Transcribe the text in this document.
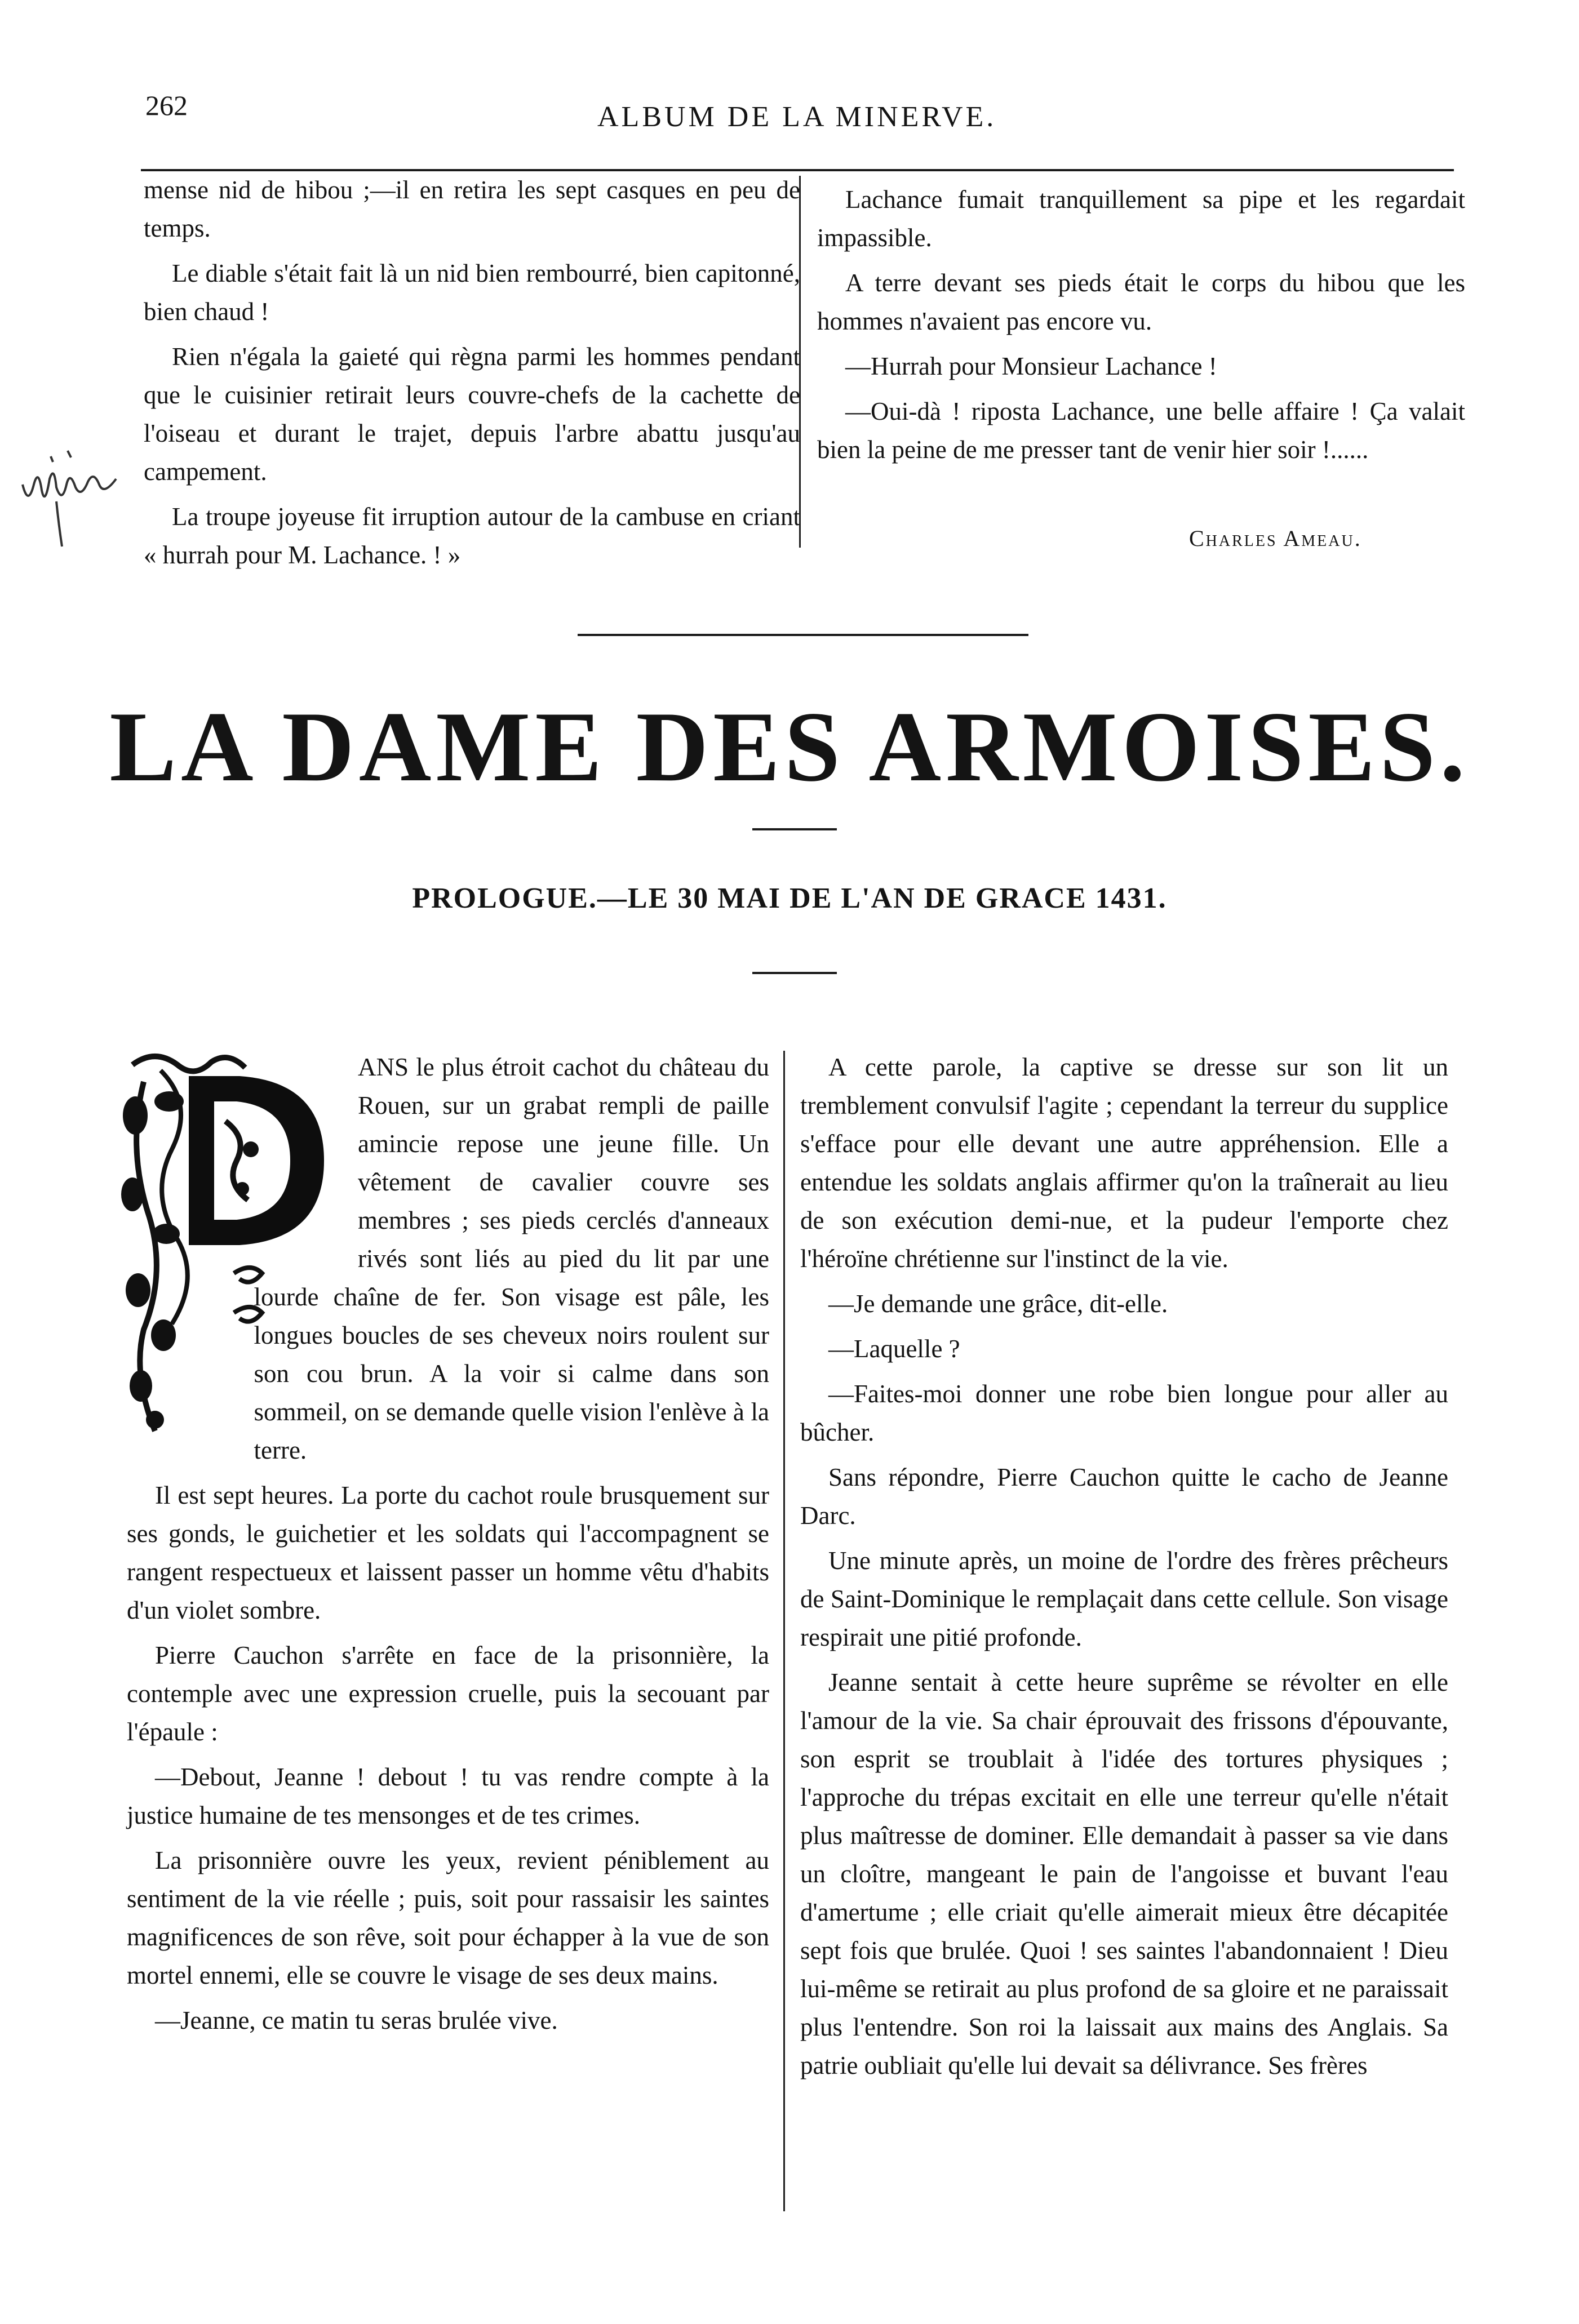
262	ALBUM DE LA MINERVE.

mense nid de hibou ;—il en retira les sept casques en peu de temps.

Le diable s'était fait là un nid bien rembourré, bien capitonné, bien chaud !

Rien n'égala la gaieté qui règna parmi les hommes pendant que le cuisinier retirait leurs couvre-chefs de la cachette de l'oiseau et durant le trajet, depuis l'arbre abattu jusqu'au campement.

La troupe joyeuse fit irruption autour de la cambuse en criant « hurrah pour M. Lachance. ! »

Lachance fumait tranquillement sa pipe et les regardait impassible.

A terre devant ses pieds était le corps du hibou que les hommes n'avaient pas encore vu.

—Hurrah pour Monsieur Lachance !

—Oui-dà ! riposta Lachance, une belle affaire ! Ça valait bien la peine de me presser tant de venir hier soir !......

Charles Ameau.

LA DAME DES ARMOISES.
PROLOGUE.—LE 30 MAI DE L'AN DE GRACE 1431.

ANS le plus étroit cachot du château du Rouen, sur un grabat rempli de paille amincie repose une jeune fille. Un vêtement de cavalier couvre ses membres ; ses pieds cerclés d'anneaux rivés sont liés au pied du lit par une lourde chaîne de fer. Son visage est pâle, les longues boucles de ses cheveux noirs roulent sur son cou brun. A la voir si calme dans son sommeil, on se demande quelle vision l'enlève à la terre.

Il est sept heures. La porte du cachot roule brusquement sur ses gonds, le guichetier et les soldats qui l'accompagnent se rangent respectueux et laissent passer un homme vêtu d'habits d'un violet sombre.

Pierre Cauchon s'arrête en face de la prisonnière, la contemple avec une expression cruelle, puis la secouant par l'épaule :

—Debout, Jeanne ! debout ! tu vas rendre compte à la justice humaine de tes mensonges et de tes crimes.

La prisonnière ouvre les yeux, revient péniblement au sentiment de la vie réelle ; puis, soit pour rassaisir les saintes magnificences de son rêve, soit pour échapper à la vue de son mortel ennemi, elle se couvre le visage de ses deux mains.

—Jeanne, ce matin tu seras brulée vive.

A cette parole, la captive se dresse sur son lit un tremblement convulsif l'agite ; cependant la terreur du supplice s'efface pour elle devant une autre appréhension. Elle a entendue les soldats anglais affirmer qu'on la traînerait au lieu de son exécution demi-nue, et la pudeur l'emporte chez l'héroïne chrétienne sur l'instinct de la vie.

—Je demande une grâce, dit-elle.

—Laquelle ?

—Faites-moi donner une robe bien longue pour aller au bûcher.

Sans répondre, Pierre Cauchon quitte le cacho de Jeanne Darc.

Une minute après, un moine de l'ordre des frères prêcheurs de Saint-Dominique le remplaçait dans cette cellule. Son visage respirait une pitié profonde.

Jeanne sentait à cette heure suprême se révolter en elle l'amour de la vie. Sa chair éprouvait des frissons d'épouvante, son esprit se troublait à l'idée des tortures physiques ; l'approche du trépas excitait en elle une terreur qu'elle n'était plus maîtresse de dominer. Elle demandait à passer sa vie dans un cloître, mangeant le pain de l'angoisse et buvant l'eau d'amertume ; elle criait qu'elle aimerait mieux être décapitée sept fois que brulée. Quoi ! ses saintes l'abandonnaient ! Dieu lui-même se retirait au plus profond de sa gloire et ne paraissait plus l'entendre. Son roi la laissait aux mains des Anglais. Sa patrie oubliait qu'elle lui devait sa délivrance. Ses frères
